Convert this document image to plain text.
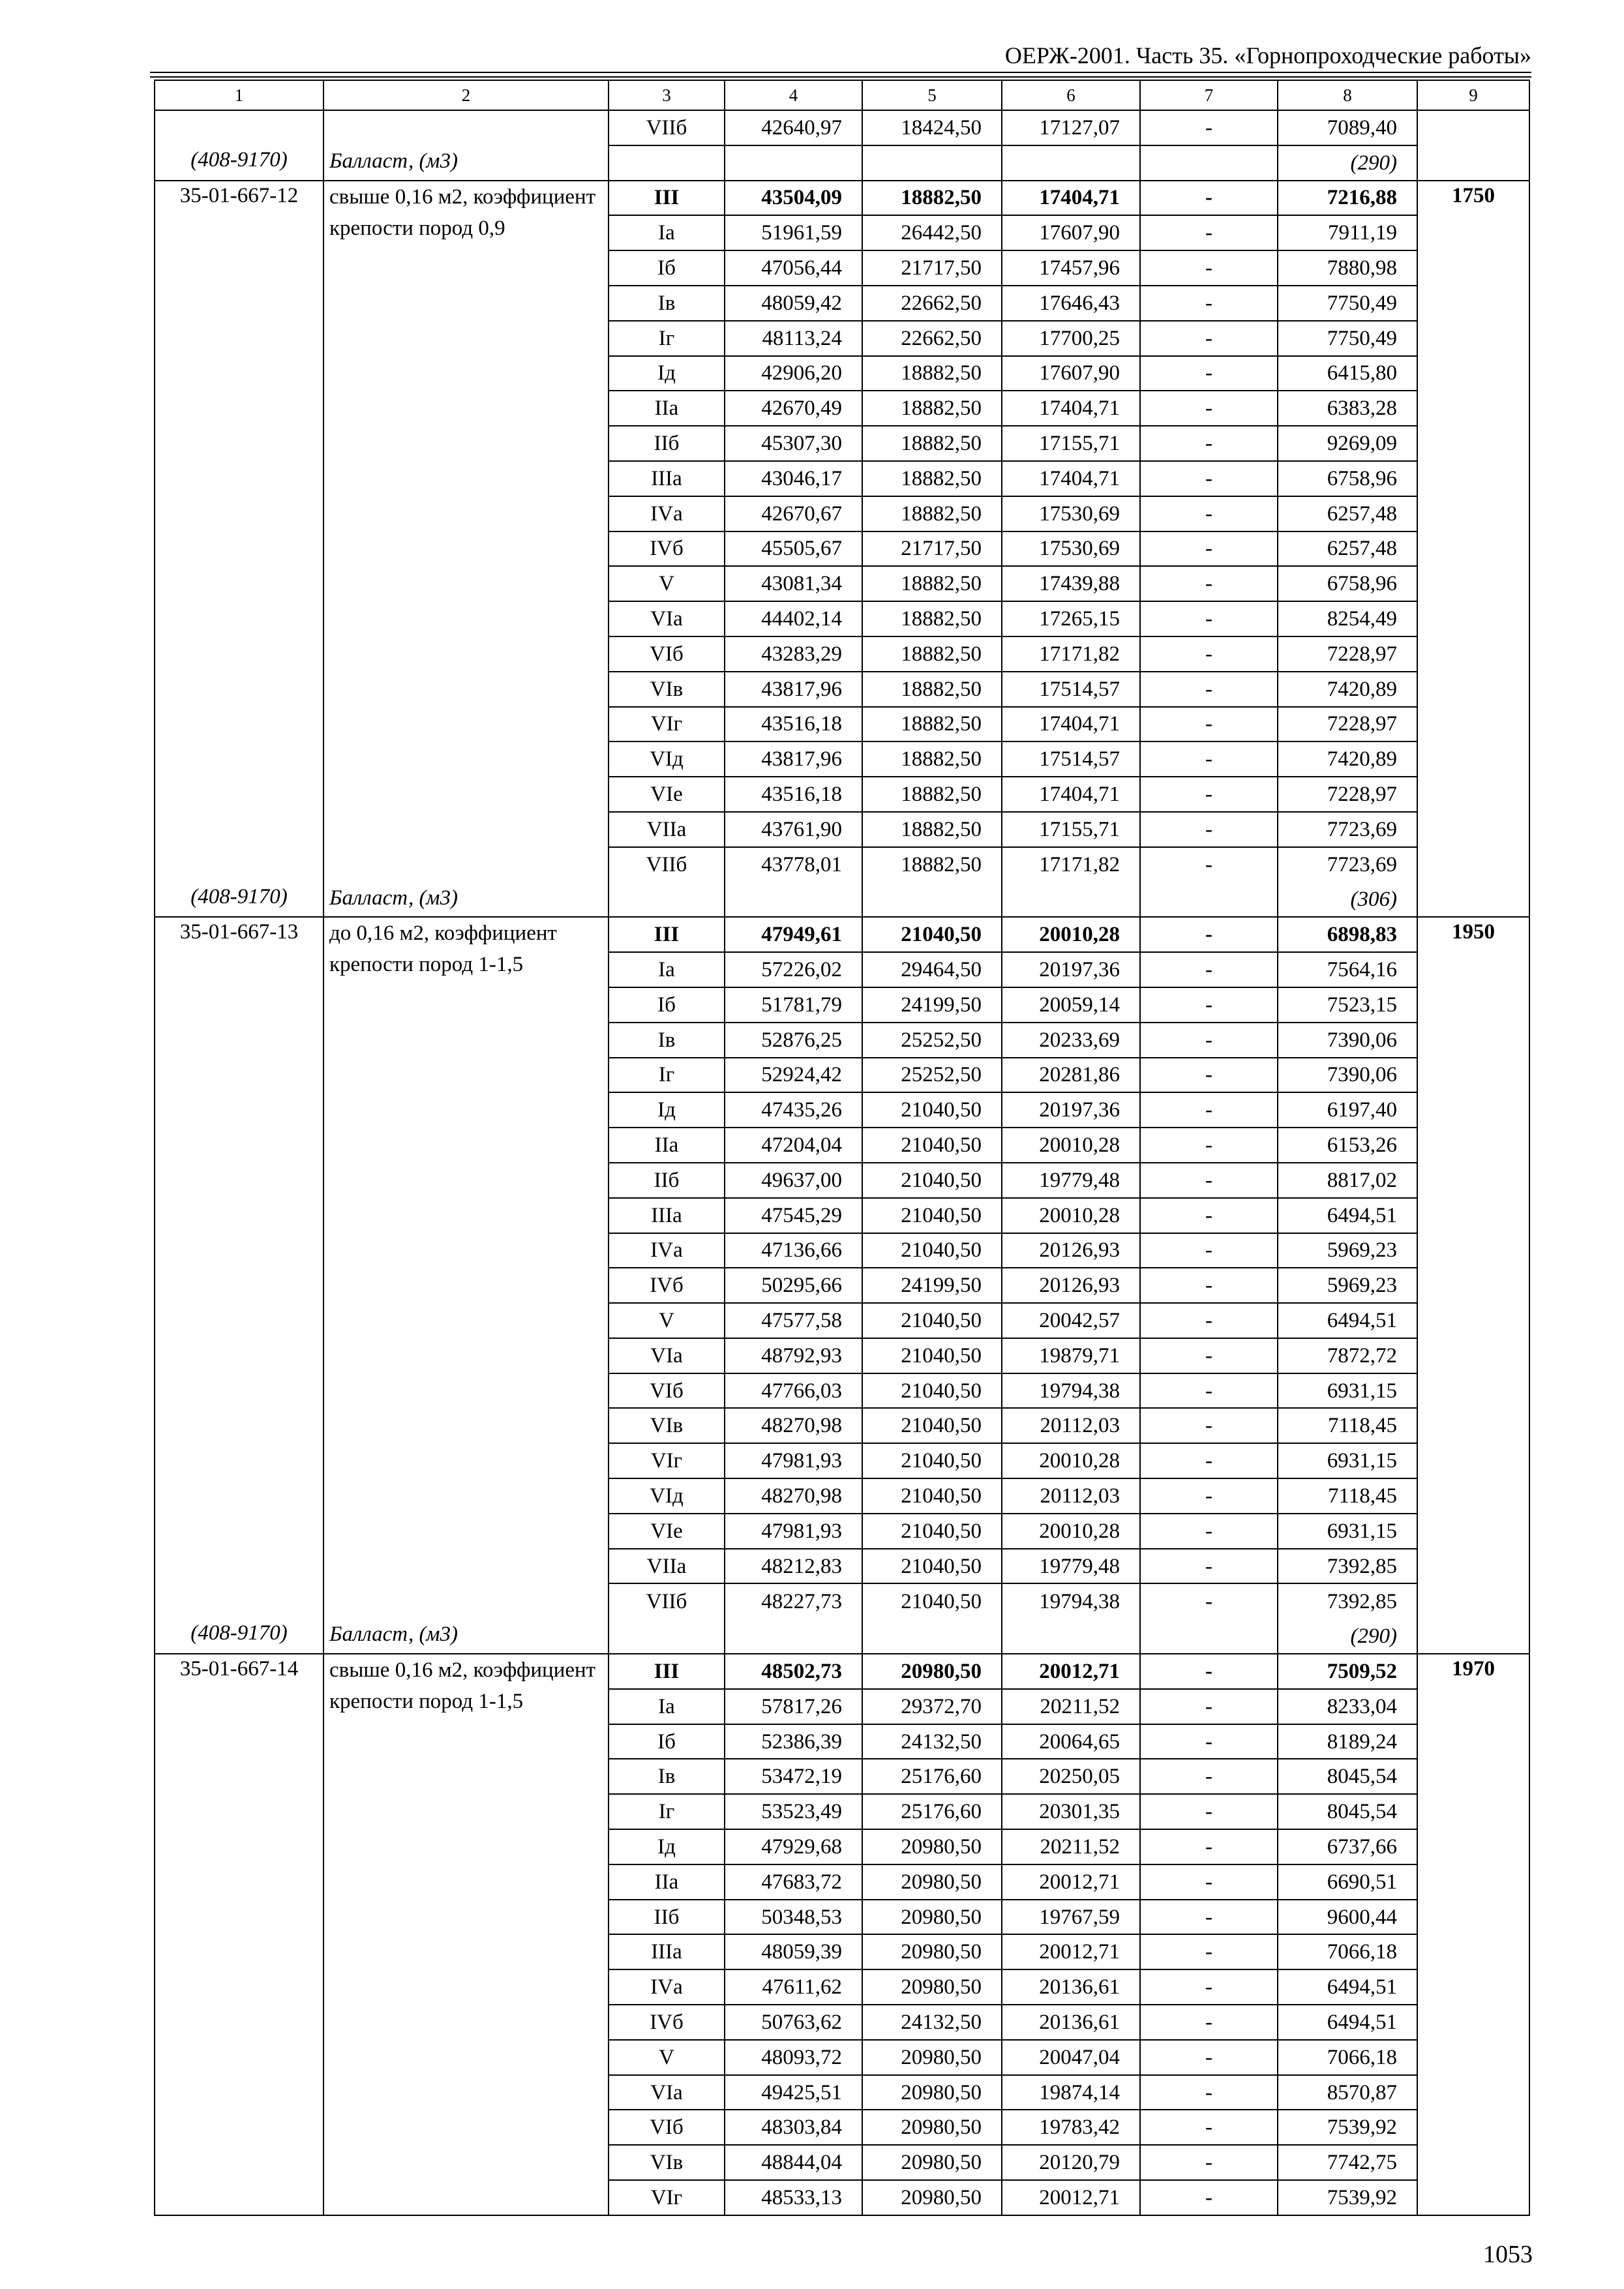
ОЕРЖ-2001. Часть 35. «Горнопроходческие работы»
1	2	3	4	5	6	7	8	9
		VIIб	42640,97	18424,50	17127,07	-	7089,40	
(408-9170)	Балласт, (м3)						(290)	
35-01-667-12	свыше 0,16 м2, коэффициент крепости пород 0,9	III	43504,09	18882,50	17404,71	-	7216,88	1750
		Iа	51961,59	26442,50	17607,90	-	7911,19	
		Iб	47056,44	21717,50	17457,96	-	7880,98	
		Iв	48059,42	22662,50	17646,43	-	7750,49	
		Iг	48113,24	22662,50	17700,25	-	7750,49	
		Iд	42906,20	18882,50	17607,90	-	6415,80	
		IIа	42670,49	18882,50	17404,71	-	6383,28	
		IIб	45307,30	18882,50	17155,71	-	9269,09	
		IIIа	43046,17	18882,50	17404,71	-	6758,96	
		IVа	42670,67	18882,50	17530,69	-	6257,48	
		IVб	45505,67	21717,50	17530,69	-	6257,48	
		V	43081,34	18882,50	17439,88	-	6758,96	
		VIа	44402,14	18882,50	17265,15	-	8254,49	
		VIб	43283,29	18882,50	17171,82	-	7228,97	
		VIв	43817,96	18882,50	17514,57	-	7420,89	
		VIг	43516,18	18882,50	17404,71	-	7228,97	
		VIд	43817,96	18882,50	17514,57	-	7420,89	
		VIе	43516,18	18882,50	17404,71	-	7228,97	
		VIIа	43761,90	18882,50	17155,71	-	7723,69	
		VIIб	43778,01	18882,50	17171,82	-	7723,69	
(408-9170)	Балласт, (м3)						(306)	
35-01-667-13	до 0,16 м2, коэффициент крепости пород 1-1,5	III	47949,61	21040,50	20010,28	-	6898,83	1950
		Iа	57226,02	29464,50	20197,36	-	7564,16	
		Iб	51781,79	24199,50	20059,14	-	7523,15	
		Iв	52876,25	25252,50	20233,69	-	7390,06	
		Iг	52924,42	25252,50	20281,86	-	7390,06	
		Iд	47435,26	21040,50	20197,36	-	6197,40	
		IIа	47204,04	21040,50	20010,28	-	6153,26	
		IIб	49637,00	21040,50	19779,48	-	8817,02	
		IIIа	47545,29	21040,50	20010,28	-	6494,51	
		IVа	47136,66	21040,50	20126,93	-	5969,23	
		IVб	50295,66	24199,50	20126,93	-	5969,23	
		V	47577,58	21040,50	20042,57	-	6494,51	
		VIа	48792,93	21040,50	19879,71	-	7872,72	
		VIб	47766,03	21040,50	19794,38	-	6931,15	
		VIв	48270,98	21040,50	20112,03	-	7118,45	
		VIг	47981,93	21040,50	20010,28	-	6931,15	
		VIд	48270,98	21040,50	20112,03	-	7118,45	
		VIе	47981,93	21040,50	20010,28	-	6931,15	
		VIIа	48212,83	21040,50	19779,48	-	7392,85	
		VIIб	48227,73	21040,50	19794,38	-	7392,85	
(408-9170)	Балласт, (м3)						(290)	
35-01-667-14	свыше 0,16 м2, коэффициент крепости пород 1-1,5	III	48502,73	20980,50	20012,71	-	7509,52	1970
		Iа	57817,26	29372,70	20211,52	-	8233,04	
		Iб	52386,39	24132,50	20064,65	-	8189,24	
		Iв	53472,19	25176,60	20250,05	-	8045,54	
		Iг	53523,49	25176,60	20301,35	-	8045,54	
		Iд	47929,68	20980,50	20211,52	-	6737,66	
		IIа	47683,72	20980,50	20012,71	-	6690,51	
		IIб	50348,53	20980,50	19767,59	-	9600,44	
		IIIа	48059,39	20980,50	20012,71	-	7066,18	
		IVа	47611,62	20980,50	20136,61	-	6494,51	
		IVб	50763,62	24132,50	20136,61	-	6494,51	
		V	48093,72	20980,50	20047,04	-	7066,18	
		VIа	49425,51	20980,50	19874,14	-	8570,87	
		VIб	48303,84	20980,50	19783,42	-	7539,92	
		VIв	48844,04	20980,50	20120,79	-	7742,75	
		VIг	48533,13	20980,50	20012,71	-	7539,92	
1053
